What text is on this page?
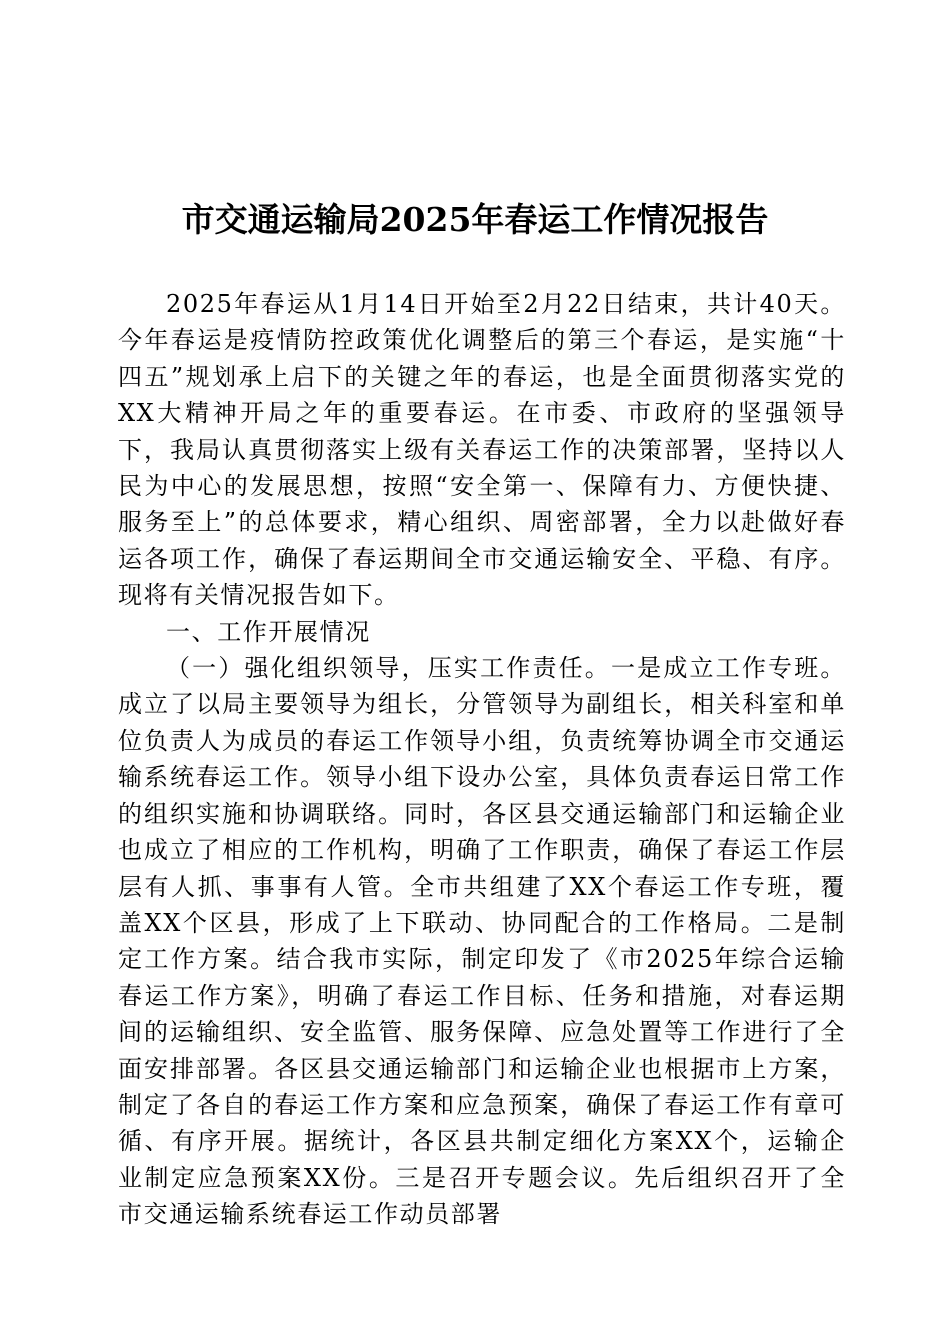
市交通运输局2025年春运工作情况报告

2025年春运从1月14日开始至2月22日结束，共计40天。今年春运是疫情防控政策优化调整后的第三个春运，是实施“十四五”规划承上启下的关键之年的春运，也是全面贯彻落实党的XX大精神开局之年的重要春运。在市委、市政府的坚强领导下，我局认真贯彻落实上级有关春运工作的决策部署，坚持以人民为中心的发展思想，按照“安全第一、保障有力、方便快捷、服务至上”的总体要求，精心组织、周密部署，全力以赴做好春运各项工作，确保了春运期间全市交通运输安全、平稳、有序。现将有关情况报告如下。

一、工作开展情况

（一）强化组织领导，压实工作责任。一是成立工作专班。成立了以局主要领导为组长，分管领导为副组长，相关科室和单位负责人为成员的春运工作领导小组，负责统筹协调全市交通运输系统春运工作。领导小组下设办公室，具体负责春运日常工作的组织实施和协调联络。同时，各区县交通运输部门和运输企业也成立了相应的工作机构，明确了工作职责，确保了春运工作层层有人抓、事事有人管。全市共组建了XX个春运工作专班，覆盖XX个区县，形成了上下联动、协同配合的工作格局。二是制定工作方案。结合我市实际，制定印发了《市2025年综合运输春运工作方案》，明确了春运工作目标、任务和措施，对春运期间的运输组织、安全监管、服务保障、应急处置等工作进行了全面安排部署。各区县交通运输部门和运输企业也根据市上方案，制定了各自的春运工作方案和应急预案，确保了春运工作有章可循、有序开展。据统计，各区县共制定细化方案XX个，运输企业制定应急预案XX份。三是召开专题会议。先后组织召开了全市交通运输系统春运工作动员部署
